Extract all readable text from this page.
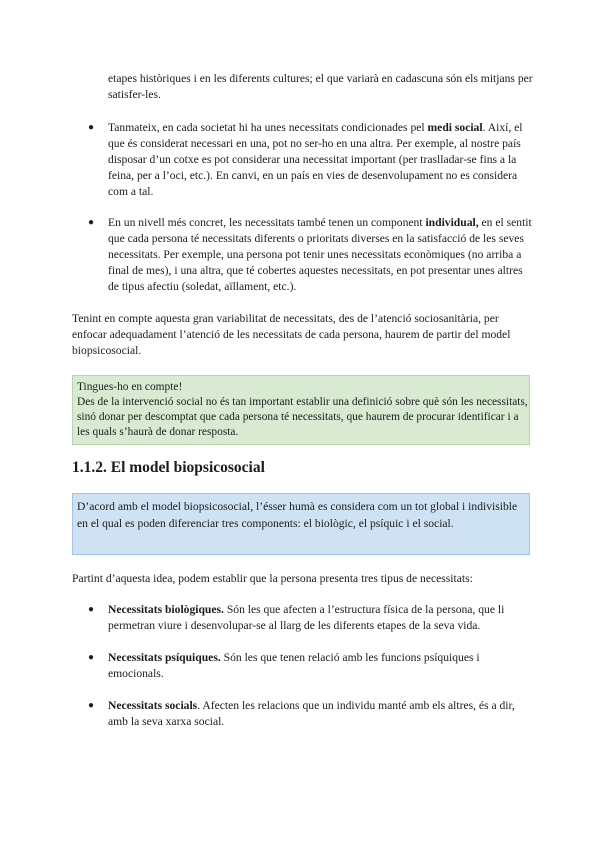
etapes històriques i en les diferents cultures; el que variarà en cadascuna són els mitjans per satisfer-les.

● Tanmateix, en cada societat hi ha unes necessitats condicionades pel medi social. Així, el que és considerat necessari en una, pot no ser-ho en una altra. Per exemple, al nostre país disposar d’un cotxe es pot considerar una necessitat important (per traslladar-se fins a la feina, per a l’oci, etc.). En canvi, en un país en vies de desenvolupament no es considera com a tal.
● En un nivell més concret, les necessitats també tenen un component individual, en el sentit que cada persona té necessitats diferents o prioritats diverses en la satisfacció de les seves necessitats. Per exemple, una persona pot tenir unes necessitats econòmiques (no arriba a final de mes), i una altra, que té cobertes aquestes necessitats, en pot presentar unes altres de tipus afectiu (soledat, aïllament, etc.).

Tenint en compte aquesta gran variabilitat de necessitats, des de l’atenció sociosanitària, per enfocar adequadament l’atenció de les necessitats de cada persona, haurem de partir del model biopsicosocial.

Tingues-ho en compte!
Des de la intervenció social no és tan important establir una definició sobre què són les necessitats, sinó donar per descomptat que cada persona té necessitats, que haurem de procurar identificar i a les quals s’haurà de donar resposta.
1.1.2. El model biopsicosocial
D’acord amb el model biopsicosocial, l’ésser humà es considera com un tot global i indivisible en el qual es poden diferenciar tres components: el biològic, el psíquic i el social.

Partint d’aquesta idea, podem establir que la persona presenta tres tipus de necessitats:

● Necessitats biològiques. Són les que afecten a l’estructura física de la persona, que li permetran viure i desenvolupar-se al llarg de les diferents etapes de la seva vida.
● Necessitats psíquiques. Són les que tenen relació amb les funcions psíquiques i emocionals.
● Necessitats socials. Afecten les relacions que un individu manté amb els altres, és a dir, amb la seva xarxa social.
